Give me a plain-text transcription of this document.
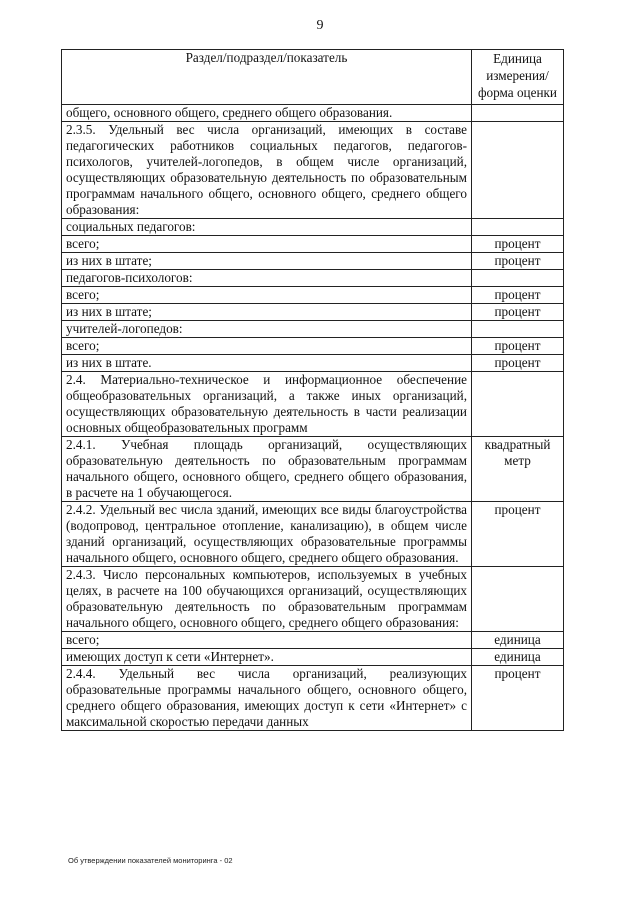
9
Раздел/подраздел/показатель	Единица измерения/ форма оценки
общего, основного общего, среднего общего образования.	
2.3.5. Удельный вес числа организаций, имеющих в составе педагогических работников социальных педагогов, педагогов-психологов, учителей-логопедов, в общем числе организаций, осуществляющих образовательную деятельность по образовательным программам начального общего, основного общего, среднего общего образования:	
социальных педагогов:	
всего;	процент
из них в штате;	процент
педагогов-психологов:	
всего;	процент
из них в штате;	процент
учителей-логопедов:	
всего;	процент
из них в штате.	процент
2.4. Материально-техническое и информационное обеспечение общеобразовательных организаций, а также иных организаций, осуществляющих образовательную деятельность в части реализации основных общеобразовательных программ	
2.4.1. Учебная площадь организаций, осуществляющих образовательную деятельность по образовательным программам начального общего, основного общего, среднего общего образования, в расчете на 1 обучающегося.	квадратный метр
2.4.2. Удельный вес числа зданий, имеющих все виды благоустройства (водопровод, центральное отопление, канализацию), в общем числе зданий организаций, осуществляющих образовательные программы начального общего, основного общего, среднего общего образования.	процент
2.4.3. Число персональных компьютеров, используемых в учебных целях, в расчете на 100 обучающихся организаций, осуществляющих образовательную деятельность по образовательным программам начального общего, основного общего, среднего общего образования:	
всего;	единица
имеющих доступ к сети «Интернет».	единица
2.4.4. Удельный вес числа организаций, реализующих образовательные программы начального общего, основного общего, среднего общего образования, имеющих доступ к сети «Интернет» с максимальной скоростью передачи данных	процент
Об утверждении показателей мониторинга - 02
